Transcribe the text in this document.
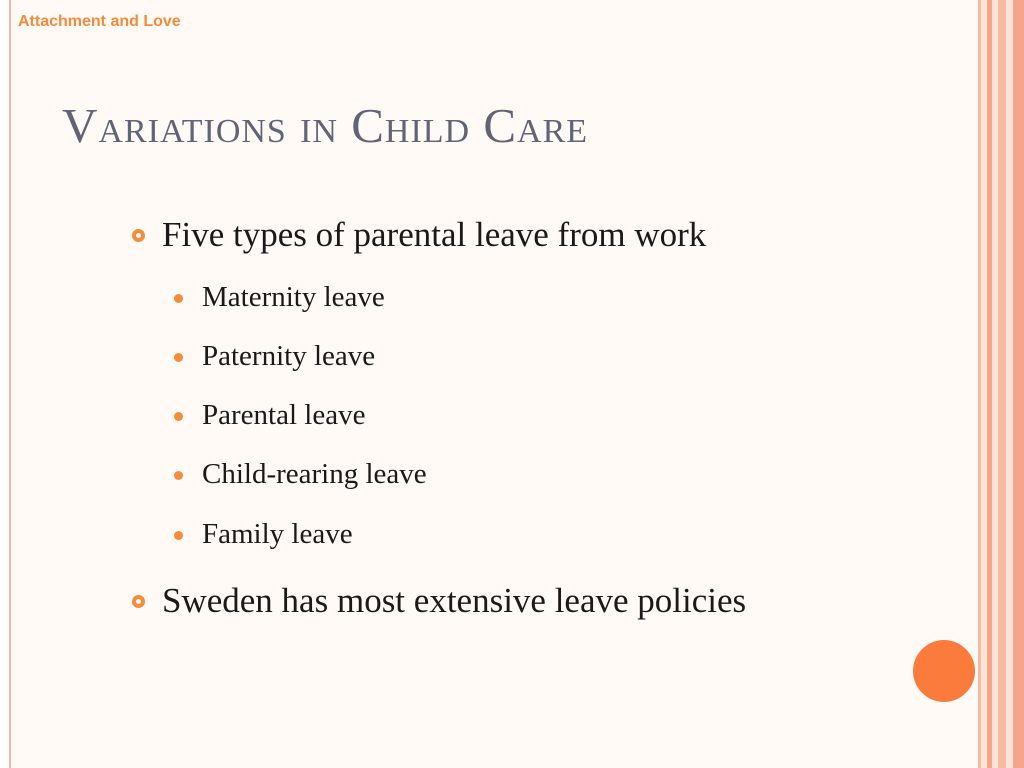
Attachment and Love
Variations in Child Care
Five types of parental leave from work
Maternity leave
Paternity leave
Parental leave
Child-rearing leave
Family leave
Sweden has most extensive leave policies
